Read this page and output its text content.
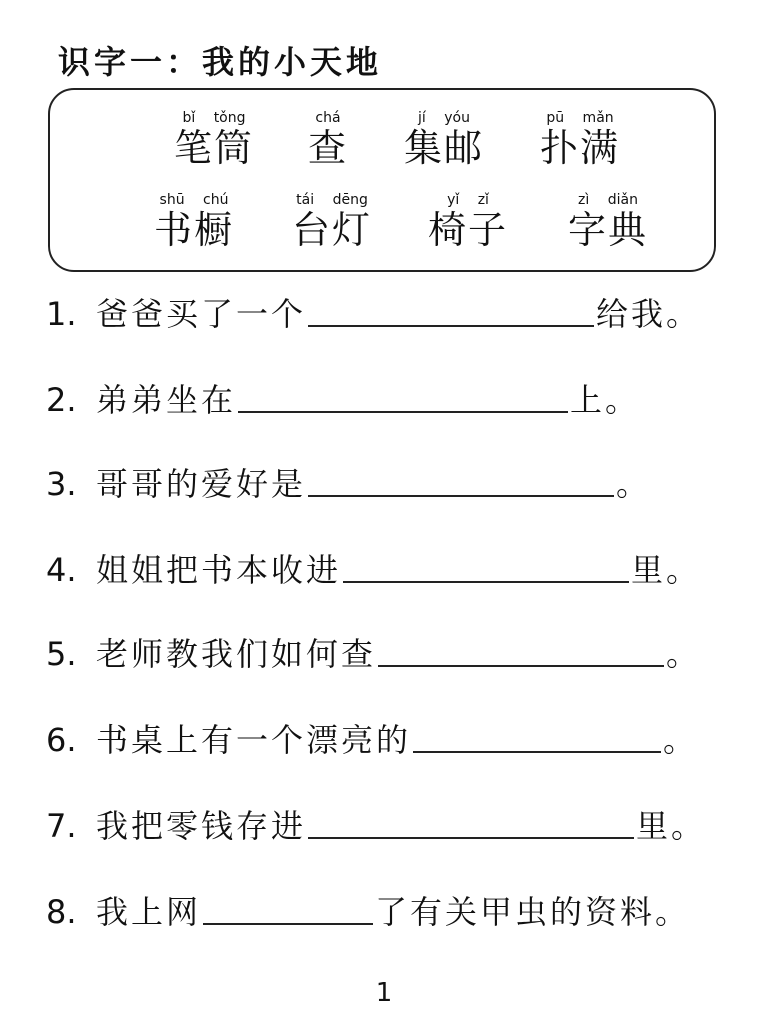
识字一：我的小天地
bǐ tǒng
笔筒
chá
查
jí yóu
集邮
pū mǎn
扑满
shū chú
书橱
tái dēng
台灯
yǐ zǐ
椅子
zì diǎn
字典
1. 爸爸买了一个	给我。
2. 弟弟坐在	上。
3. 哥哥的爱好是	。
4. 姐姐把书本收进	里。
5. 老师教我们如何查	。
6. 书桌上有一个漂亮的	。
7. 我把零钱存进	里。
8. 我上网	了有关甲虫的资料。
1
